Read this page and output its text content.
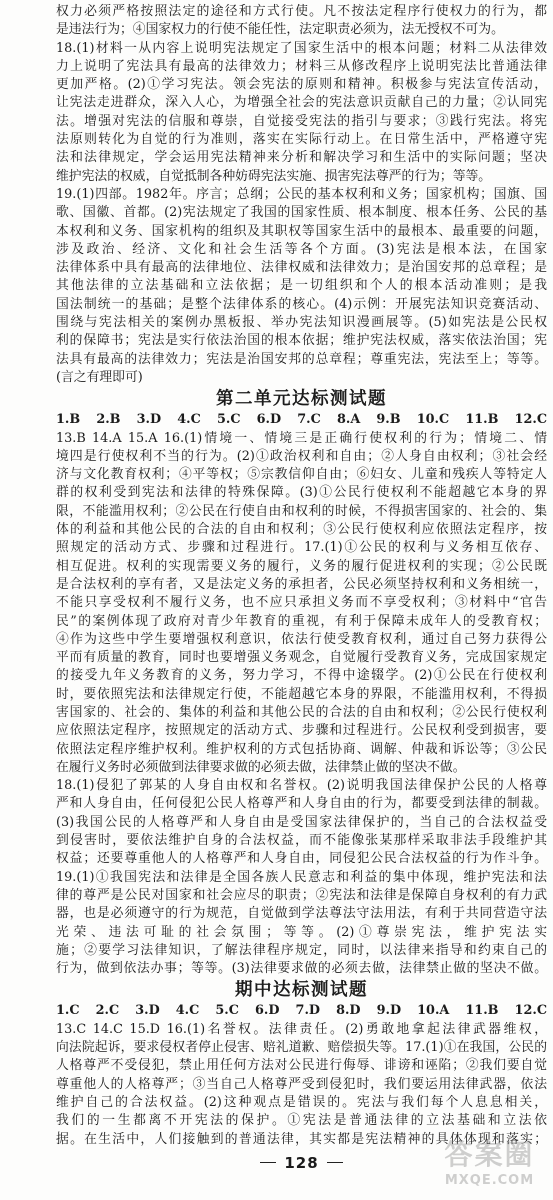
权力必须严格按照法定的途径和方式行使。凡不按法定程序行使权力的行为，都
是违法行为；④国家权力的行使不能任性，法定职责必须为，法无授权不可为。
18.(1)材料一从内容上说明宪法规定了国家生活中的根本问题；材料二从法律效
力上说明了宪法具有最高的法律效力；材料三从修改程序上说明宪法比普通法律
更加严格。(2)①学习宪法。领会宪法的原则和精神。积极参与宪法宣传活动，
让宪法走进群众，深入人心，为增强全社会的宪法意识贡献自己的力量；②认同宪
法。增强对宪法的信服和尊崇，自觉接受宪法的指引与要求；③践行宪法。将宪
法原则转化为自觉的行为准则，落实在实际行动上。在日常生活中，严格遵守宪
法和法律规定，学会运用宪法精神来分析和解决学习和生活中的实际问题；坚决
维护宪法的权威，自觉抵制各种妨碍宪法实施、损害宪法尊严的行为；等等。
19.(1)四部。1982年。序言；总纲；公民的基本权利和义务；国家机构；国旗、国
歌、国徽、首都。(2)宪法规定了我国的国家性质、根本制度、根本任务、公民的基
本权利和义务、国家机构的组织及其职权等国家生活中的最根本、最重要的问题，
涉及政治、经济、文化和社会生活等各个方面。(3)宪法是根本法，在国家
法律体系中具有最高的法律地位、法律权威和法律效力；是治国安邦的总章程；是
其他法律的立法基础和立法依据；是一切组织和个人的根本活动准则；是我
国法制统一的基础；是整个法律体系的核心。(4)示例：开展宪法知识竞赛活动、
围绕与宪法相关的案例办黑板报、举办宪法知识漫画展等。(5)如宪法是公民权
利的保障书；宪法是实行依法治国的根本依据；维护宪法权威，落实依法治国；宪
法具有最高的法律效力；宪法是治国安邦的总章程；尊重宪法，宪法至上；等等。
(言之有理即可)
第二单元达标测试题
1.B 2.B 3.D 4.C 5.C 6.D 7.C 8.A 9.B 10.C 11.B 12.C
13.B 14.A 15.A 16.(1)情境一、情境三是正确行使权利的行为；情境二、情
境四是行使权利不当的行为。(2)①政治权利和自由；②人身自由权利；③社会经
济与文化教育权利；④平等权；⑤宗教信仰自由；⑥妇女、儿童和残疾人等特定人
群的权利受到宪法和法律的特殊保障。(3)①公民行使权利不能超越它本身的界
限，不能滥用权利；②公民在行使自由和权利的时候，不得损害国家的、社会的、集
体的利益和其他公民的合法的自由和权利；③公民行使权利应依照法定程序，按
照规定的活动方式、步骤和过程进行。17.(1)①公民的权利与义务相互依存、
相互促进。权利的实现需要义务的履行，义务的履行促进权利的实现；②公民既
是合法权利的享有者，又是法定义务的承担者，公民必须坚持权利和义务相统一，
不能只享受权利不履行义务，也不应只承担义务而不享受权利；③材料中“官告
民”的案例体现了政府对青少年教育的重视，有利于保障未成年人的受教育权；
④作为这些中学生要增强权利意识，依法行使受教育权利，通过自己努力获得公
平而有质量的教育，同时也要增强义务观念，自觉履行受教育义务，完成国家规定
的接受九年义务教育的义务，努力学习，不得中途辍学。(2)①公民在行使权利
时，要依照宪法和法律规定行使，不能超越它本身的界限，不能滥用权利，不得损
害国家的、社会的、集体的利益和其他公民的合法的自由和权利；②公民行使权利
应依照法定程序，按照规定的活动方式、步骤和过程进行。公民权利受到损害，要
依照法定程序维护权利。维护权利的方式包括协商、调解、仲裁和诉讼等；③公民
在履行义务时必须做到法律要求做的必须去做，法律禁止做的坚决不做。
18.(1)侵犯了郭某的人身自由权和名誉权。(2)说明我国法律保护公民的人格尊
严和人身自由，任何侵犯公民人格尊严和人身自由的行为，都要受到法律的制裁。
(3)我国公民的人格尊严和人身自由是受国家法律保护的，当自己的合法权益受
到侵害时，要依法维护自身的合法权益，而不能像张某那样采取非法手段维护其
权益；还要尊重他人的人格尊严和人身自由，同侵犯公民合法权益的行为作斗争。
19.(1)①我国宪法和法律是全国各族人民意志和利益的集中体现，维护宪法和法
律的尊严是公民对国家和社会应尽的职责；②宪法和法律是保障自身权利的有力武
器，也是必须遵守的行为规范，自觉做到学法尊法守法用法，有利于共同营造守法
光荣、违法可耻的社会氛围；等等。(2)①尊崇宪法，维护宪法实
施；②要学习法律知识，了解法律程序规定，同时，以法律来指导和约束自己的
行为，做到依法办事；等等。(3)法律要求做的必须去做，法律禁止做的坚决不做。
期中达标测试题
1.C 2.C 3.D 4.C 5.C 6.D 7.D 8.D 9.D 10.A 11.B 12.C
13.C 14.C 15.D 16.(1)名誉权。法律责任。(2)勇敢地拿起法律武器维权，
向法院起诉，要求侵权者停止侵害、赔礼道歉、赔偿损失等。17.(1)①在我国，公民的
人格尊严不受侵犯，禁止用任何方法对公民进行侮辱、诽谤和诬陷；②我们要自觉
尊重他人的人格尊严；③当自己人格尊严受到侵犯时，我们要运用法律武器，依法
维护自己的合法权益。(2)这种观点是错误的。宪法与我们每个人息息相关，
我们的一生都离不开宪法的保护。①宪法是普通法律的立法基础和立法依
据。在生活中，人们接触到的普通法律，其实都是宪法精神的具体体现和落实；
128	答案圈
MXQE.COM
